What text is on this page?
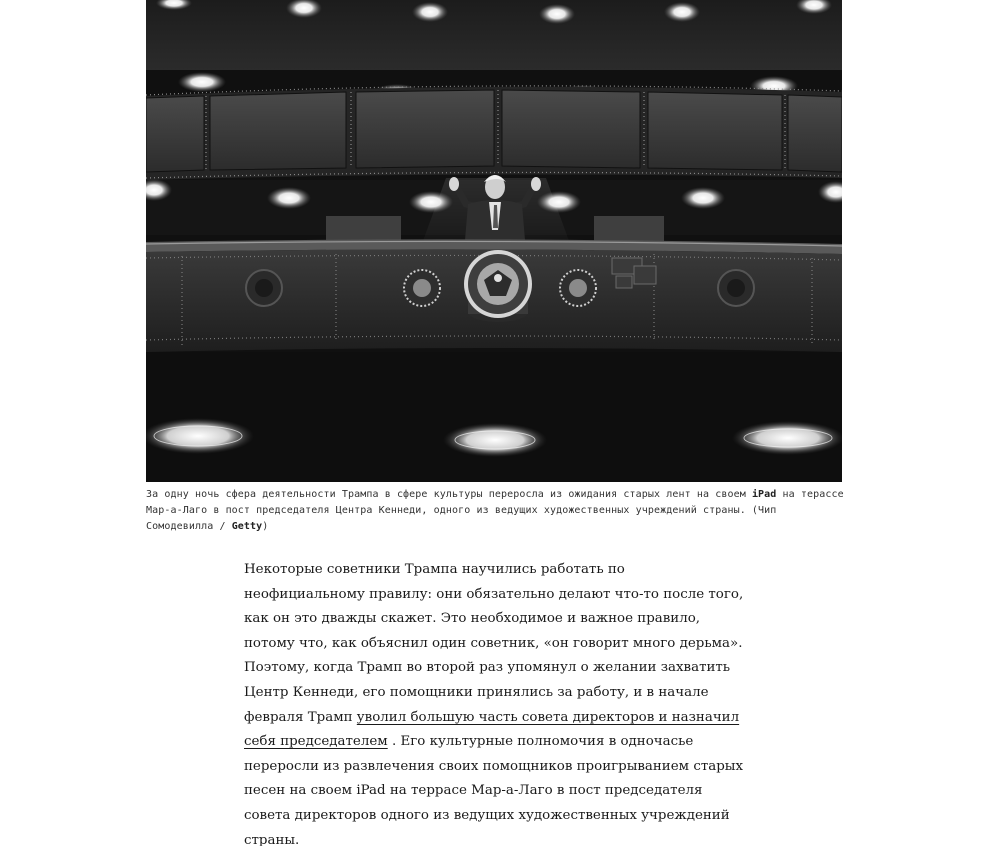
За одну ночь сфера деятельности Трампа в сфере культуры переросла из ожидания старых лент на своем iPad на терассе Мар-а-Лаго в пост председателя Центра Кеннеди, одного из ведущих художественных учреждений страны. (Чип Сомодевилла / Getty)
Некоторые советники Трампа научились работать по неофициальному правилу: они обязательно делают что-то после того, как он это дважды скажет. Это необходимое и важное правило, потому что, как объяснил один советник, «он говорит много дерьма». Поэтому, когда Трамп во второй раз упомянул о желании захватить Центр Кеннеди, его помощники принялись за работу, и в начале февраля Трамп уволил большую часть совета директоров и назначил себя председателем . Его культурные полномочия в одночасье переросли из развлечения своих помощников проигрыванием старых песен на своем iPad на террасе Мар-а-Лаго в пост председателя совета директоров одного из ведущих художественных учреждений страны.
